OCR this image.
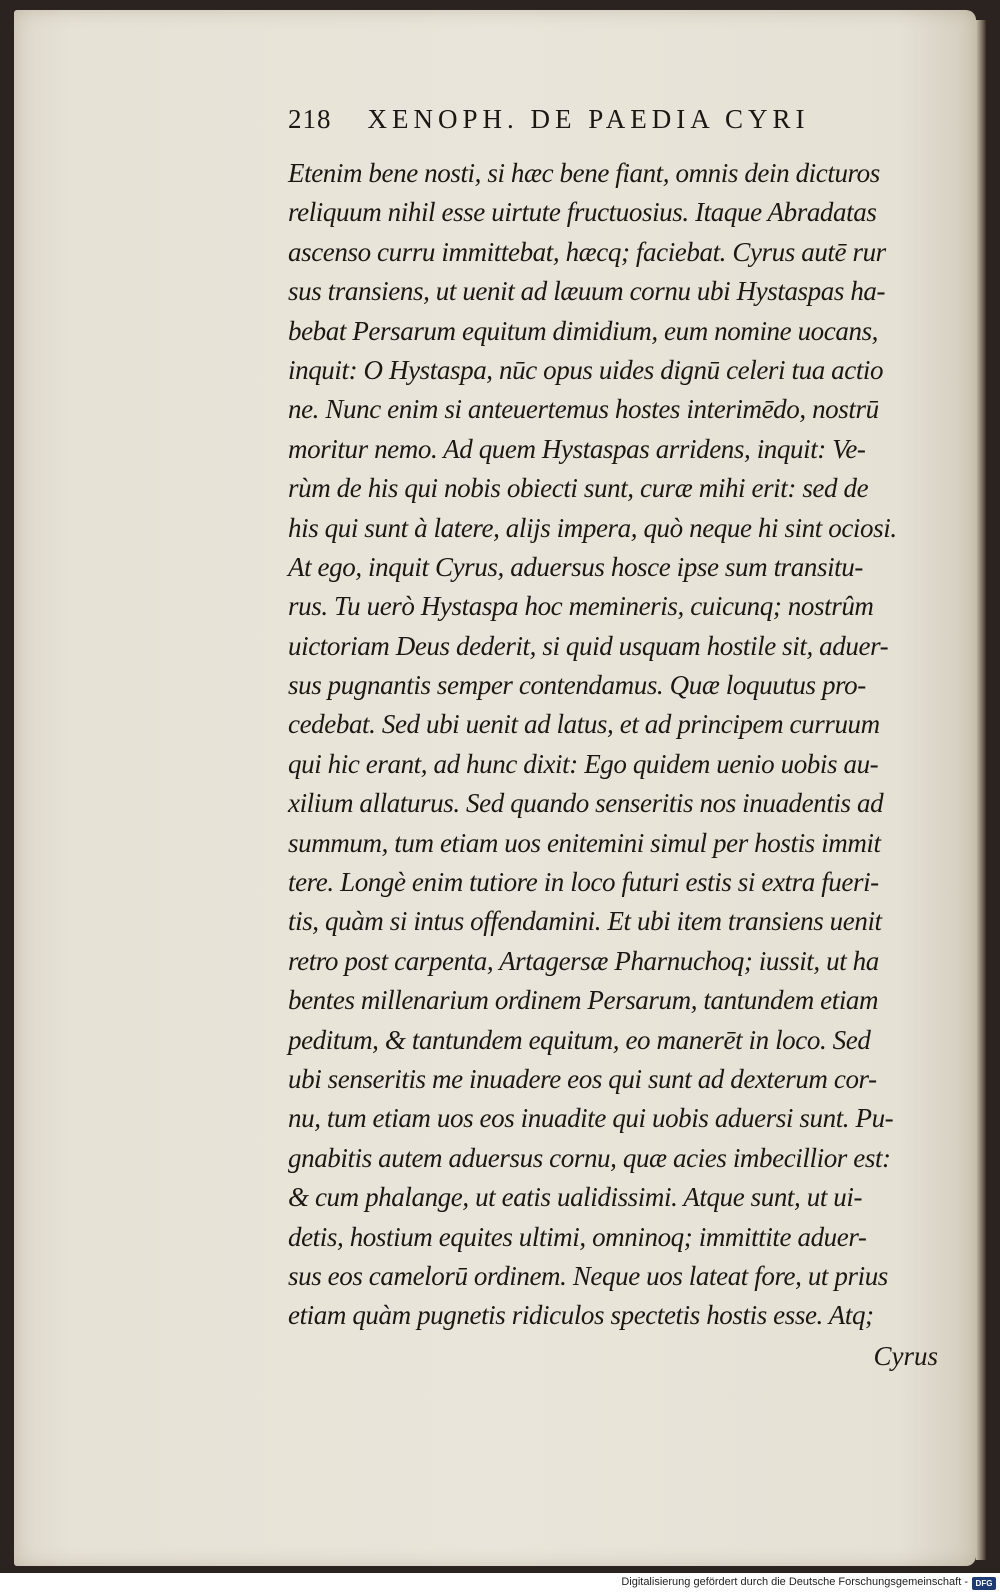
218 XENOPH. DE PAEDIA CYRI
Etenim bene nosti, si hæc bene fiant, omnis dein dicturos
reliquum nihil esse uirtute fructuosius. Itaque Abradatas
ascenso curru immittebat, hæcq; faciebat. Cyrus autē rur
sus transiens, ut uenit ad læuum cornu ubi Hystaspas ha-
bebat Persarum equitum dimidium, eum nomine uocans,
inquit: O Hystaspa, nūc opus uides dignū celeri tua actio
ne. Nunc enim si anteuertemus hostes interimēdo, nostrū
moritur nemo. Ad quem Hystaspas arridens, inquit: Ve-
rùm de his qui nobis obiecti sunt, curæ mihi erit: sed de
his qui sunt à latere, alijs impera, quò neque hi sint ociosi.
At ego, inquit Cyrus, aduersus hosce ipse sum transitu-
rus. Tu uerò Hystaspa hoc memineris, cuicunq; nostrûm
uictoriam Deus dederit, si quid usquam hostile sit, aduer-
sus pugnantis semper contendamus. Quæ loquutus pro-
cedebat. Sed ubi uenit ad latus, et ad principem curruum
qui hic erant, ad hunc dixit: Ego quidem uenio uobis au-
xilium allaturus. Sed quando senseritis nos inuadentis ad
summum, tum etiam uos enitemini simul per hostis immit
tere. Longè enim tutiore in loco futuri estis si extra fueri-
tis, quàm si intus offendamini. Et ubi item transiens uenit
retro post carpenta, Artagersæ Pharnuchoq; iussit, ut ha
bentes millenarium ordinem Persarum, tantundem etiam
peditum, & tantundem equitum, eo manerēt in loco. Sed
ubi senseritis me inuadere eos qui sunt ad dexterum cor-
nu, tum etiam uos eos inuadite qui uobis aduersi sunt. Pu-
gnabitis autem aduersus cornu, quæ acies imbecillior est:
& cum phalange, ut eatis ualidissimi. Atque sunt, ut ui-
detis, hostium equites ultimi, omninoq; immittite aduer-
sus eos camelorū ordinem. Neque uos lateat fore, ut prius
etiam quàm pugnetis ridiculos spectetis hostis esse. Atq;
Cyrus
Digitalisierung gefördert durch die Deutsche Forschungsgemeinschaft - DFG
